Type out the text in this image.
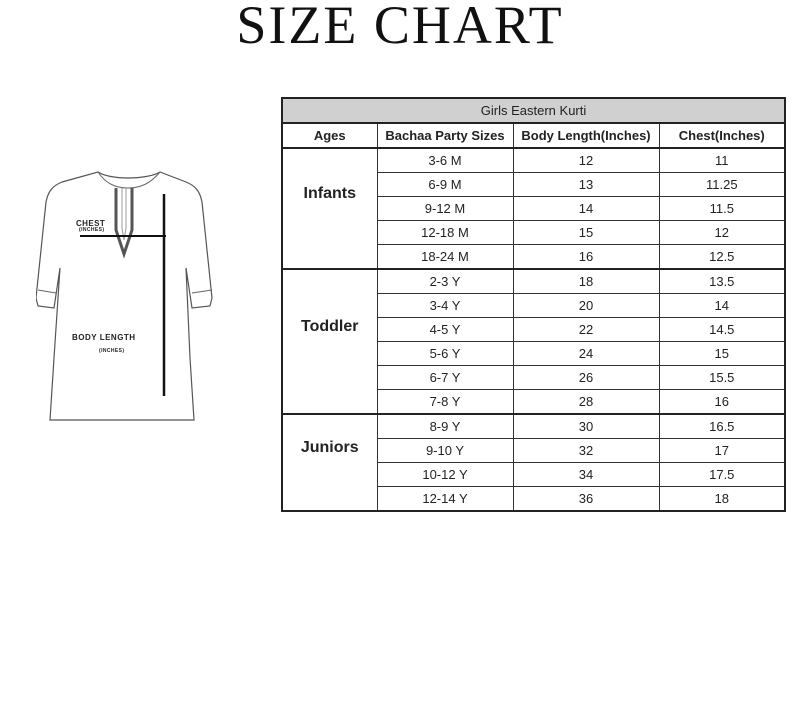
SIZE CHART
CHEST
(INCHES)
BODY LENGTH
(INCHES)
Girls Eastern Kurti			
Ages	Bachaa Party Sizes	Body Length(Inches)	Chest(Inches)
Infants	3-6 M	12	11
	6-9 M	13	11.25
	9-12 M	14	11.5
	12-18 M	15	12
	18-24 M	16	12.5
Toddler	2-3 Y	18	13.5
	3-4 Y	20	14
	4-5 Y	22	14.5
	5-6 Y	24	15
	6-7 Y	26	15.5
	7-8 Y	28	16
Juniors	8-9 Y	30	16.5
	9-10 Y	32	17
	10-12 Y	34	17.5
	12-14 Y	36	18
